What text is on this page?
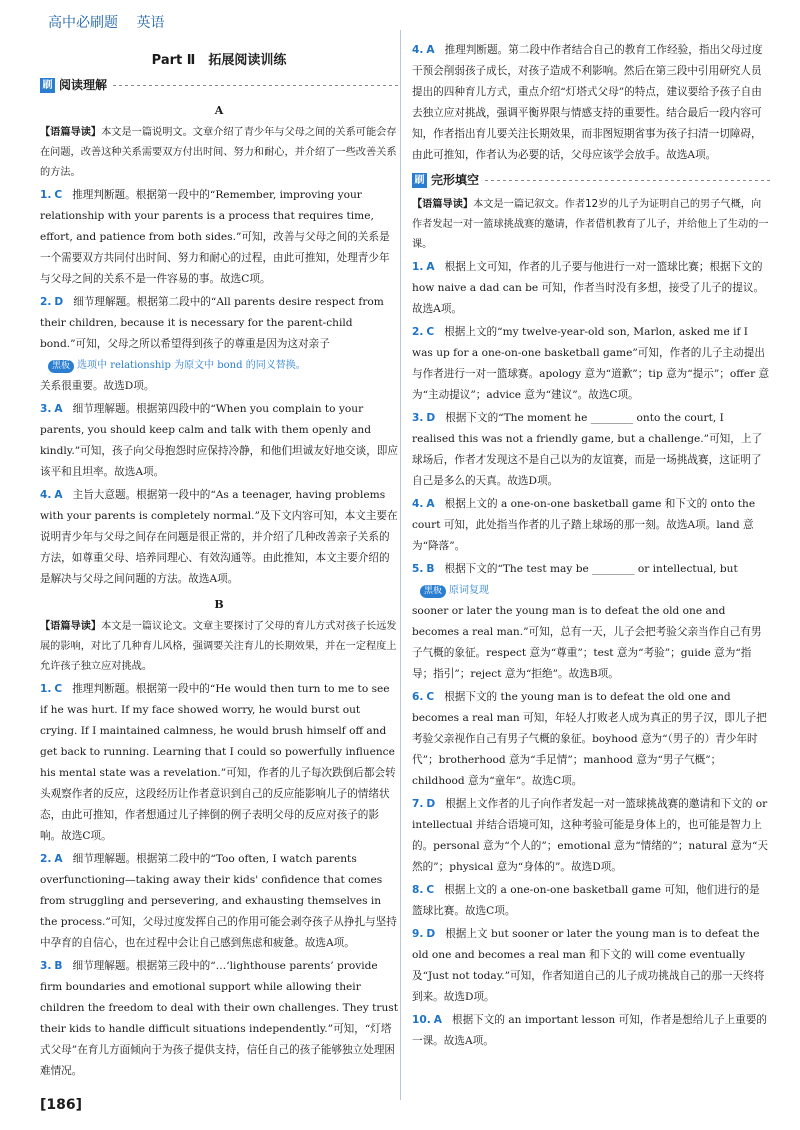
高中必刷题 英语
Part Ⅱ　拓展阅读训练
刷 阅读理解
A
【语篇导读】本文是一篇说明文。文章介绍了青少年与父母之间的关系可能会存在问题，改善这种关系需要双方付出时间、努力和耐心，并介绍了一些改善关系的方法。
1. C 推理判断题。根据第一段中的“Remember, improving your relationship with your parents is a process that requires time, effort, and patience from both sides.”可知，改善与父母之间的关系是一个需要双方共同付出时间、努力和耐心的过程，由此可推知，处理青少年与父母之间的关系不是一件容易的事。故选C项。
2. D 细节理解题。根据第二段中的“All parents desire respect from their children, because it is necessary for the parent-child bond.”可知，父母之所以希望得到孩子的尊重是因为这对亲子
黑板 选项中 relationship 为原文中 bond 的同义替换。
关系很重要。故选D项。
3. A 细节理解题。根据第四段中的“When you complain to your parents, you should keep calm and talk with them openly and kindly.”可知，孩子向父母抱怨时应保持冷静，和他们坦诚友好地交谈，即应该平和且坦率。故选A项。
4. A 主旨大意题。根据第一段中的“As a teenager, having problems with your parents is completely normal.”及下文内容可知，本文主要在说明青少年与父母之间存在问题是很正常的，并介绍了几种改善亲子关系的方法，如尊重父母、培养同理心、有效沟通等。由此推知，本文主要介绍的是解决与父母之间问题的方法。故选A项。
B
【语篇导读】本文是一篇议论文。文章主要探讨了父母的育儿方式对孩子长远发展的影响，对比了几种育儿风格，强调要关注育儿的长期效果，并在一定程度上允许孩子独立应对挑战。
1. C 推理判断题。根据第一段中的“He would then turn to me to see if he was hurt. If my face showed worry, he would burst out crying. If I maintained calmness, he would brush himself off and get back to running. Learning that I could so powerfully influence his mental state was a revelation.”可知，作者的儿子每次跌倒后都会转头观察作者的反应，这段经历让作者意识到自己的反应能影响儿子的情绪状态，由此可推知，作者想通过儿子摔倒的例子表明父母的反应对孩子的影响。故选C项。
2. A 细节理解题。根据第二段中的“Too often, I watch parents overfunctioning—taking away their kids' confidence that comes from struggling and persevering, and exhausting themselves in the process.”可知，父母过度发挥自己的作用可能会剥夺孩子从挣扎与坚持中孕育的自信心，也在过程中会让自己感到焦虑和疲惫。故选A项。
3. B 细节理解题。根据第三段中的“…‘lighthouse parents’ provide firm boundaries and emotional support while allowing their children the freedom to deal with their own challenges. They trust their kids to handle difficult situations independently.”可知，“灯塔式父母”在育儿方面倾向于为孩子提供支持，信任自己的孩子能够独立处理困难情况。
4. A 推理判断题。第二段中作者结合自己的教育工作经验，指出父母过度干预会削弱孩子成长，对孩子造成不利影响。然后在第三段中引用研究人员提出的四种育儿方式，重点介绍“灯塔式父母”的特点，建议要给予孩子自由去独立应对挑战，强调平衡界限与情感支持的重要性。结合最后一段内容可知，作者指出育儿要关注长期效果，而非图短期省事为孩子扫清一切障碍，由此可推知，作者认为必要的话，父母应该学会放手。故选A项。
刷 完形填空
【语篇导读】本文是一篇记叙文。作者12岁的儿子为证明自己的男子气概，向作者发起一对一篮球挑战赛的邀请，作者借机教育了儿子，并给他上了生动的一课。
1. A 根据上文可知，作者的儿子要与他进行一对一篮球比赛；根据下文的 how naive a dad can be 可知，作者当时没有多想，接受了儿子的提议。故选A项。
2. C 根据上文的“my twelve-year-old son, Marlon, asked me if I was up for a one-on-one basketball game”可知，作者的儿子主动提出与作者进行一对一篮球赛。apology 意为“道歉”；tip 意为“提示”；offer 意为“主动提议”；advice 意为“建议”。故选C项。
3. D 根据下文的“The moment he ________ onto the court, I realised this was not a friendly game, but a challenge.”可知，上了球场后，作者才发现这不是自己以为的友谊赛，而是一场挑战赛，这证明了自己是多么的天真。故选D项。
4. A 根据上文的 a one-on-one basketball game 和下文的 onto the court 可知，此处指当作者的儿子踏上球场的那一刻。故选A项。land 意为“降落”。
5. B 根据下文的“The test may be ________ or intellectual, but
黑板 原词复现
sooner or later the young man is to defeat the old one and becomes a real man.”可知，总有一天，儿子会把考验父亲当作自己有男子气概的象征。respect 意为“尊重”；test 意为“考验”；guide 意为“指导；指引”；reject 意为“拒绝”。故选B项。
6. C 根据下文的 the young man is to defeat the old one and becomes a real man 可知，年轻人打败老人成为真正的男子汉，即儿子把考验父亲视作自己有男子气概的象征。boyhood 意为“（男子的）青少年时代”；brotherhood 意为“手足情”；manhood 意为“男子气概”；childhood 意为“童年”。故选C项。
7. D 根据上文作者的儿子向作者发起一对一篮球挑战赛的邀请和下文的 or intellectual 并结合语境可知，这种考验可能是身体上的，也可能是智力上的。personal 意为“个人的”；emotional 意为“情绪的”；natural 意为“天然的”；physical 意为“身体的”。故选D项。
8. C 根据上文的 a one-on-one basketball game 可知，他们进行的是篮球比赛。故选C项。
9. D 根据上文 but sooner or later the young man is to defeat the old one and becomes a real man 和下文的 will come eventually 及“Just not today.”可知，作者知道自己的儿子成功挑战自己的那一天终将到来。故选D项。
10. A 根据下文的 an important lesson 可知，作者是想给儿子上重要的一课。故选A项。
[186]
